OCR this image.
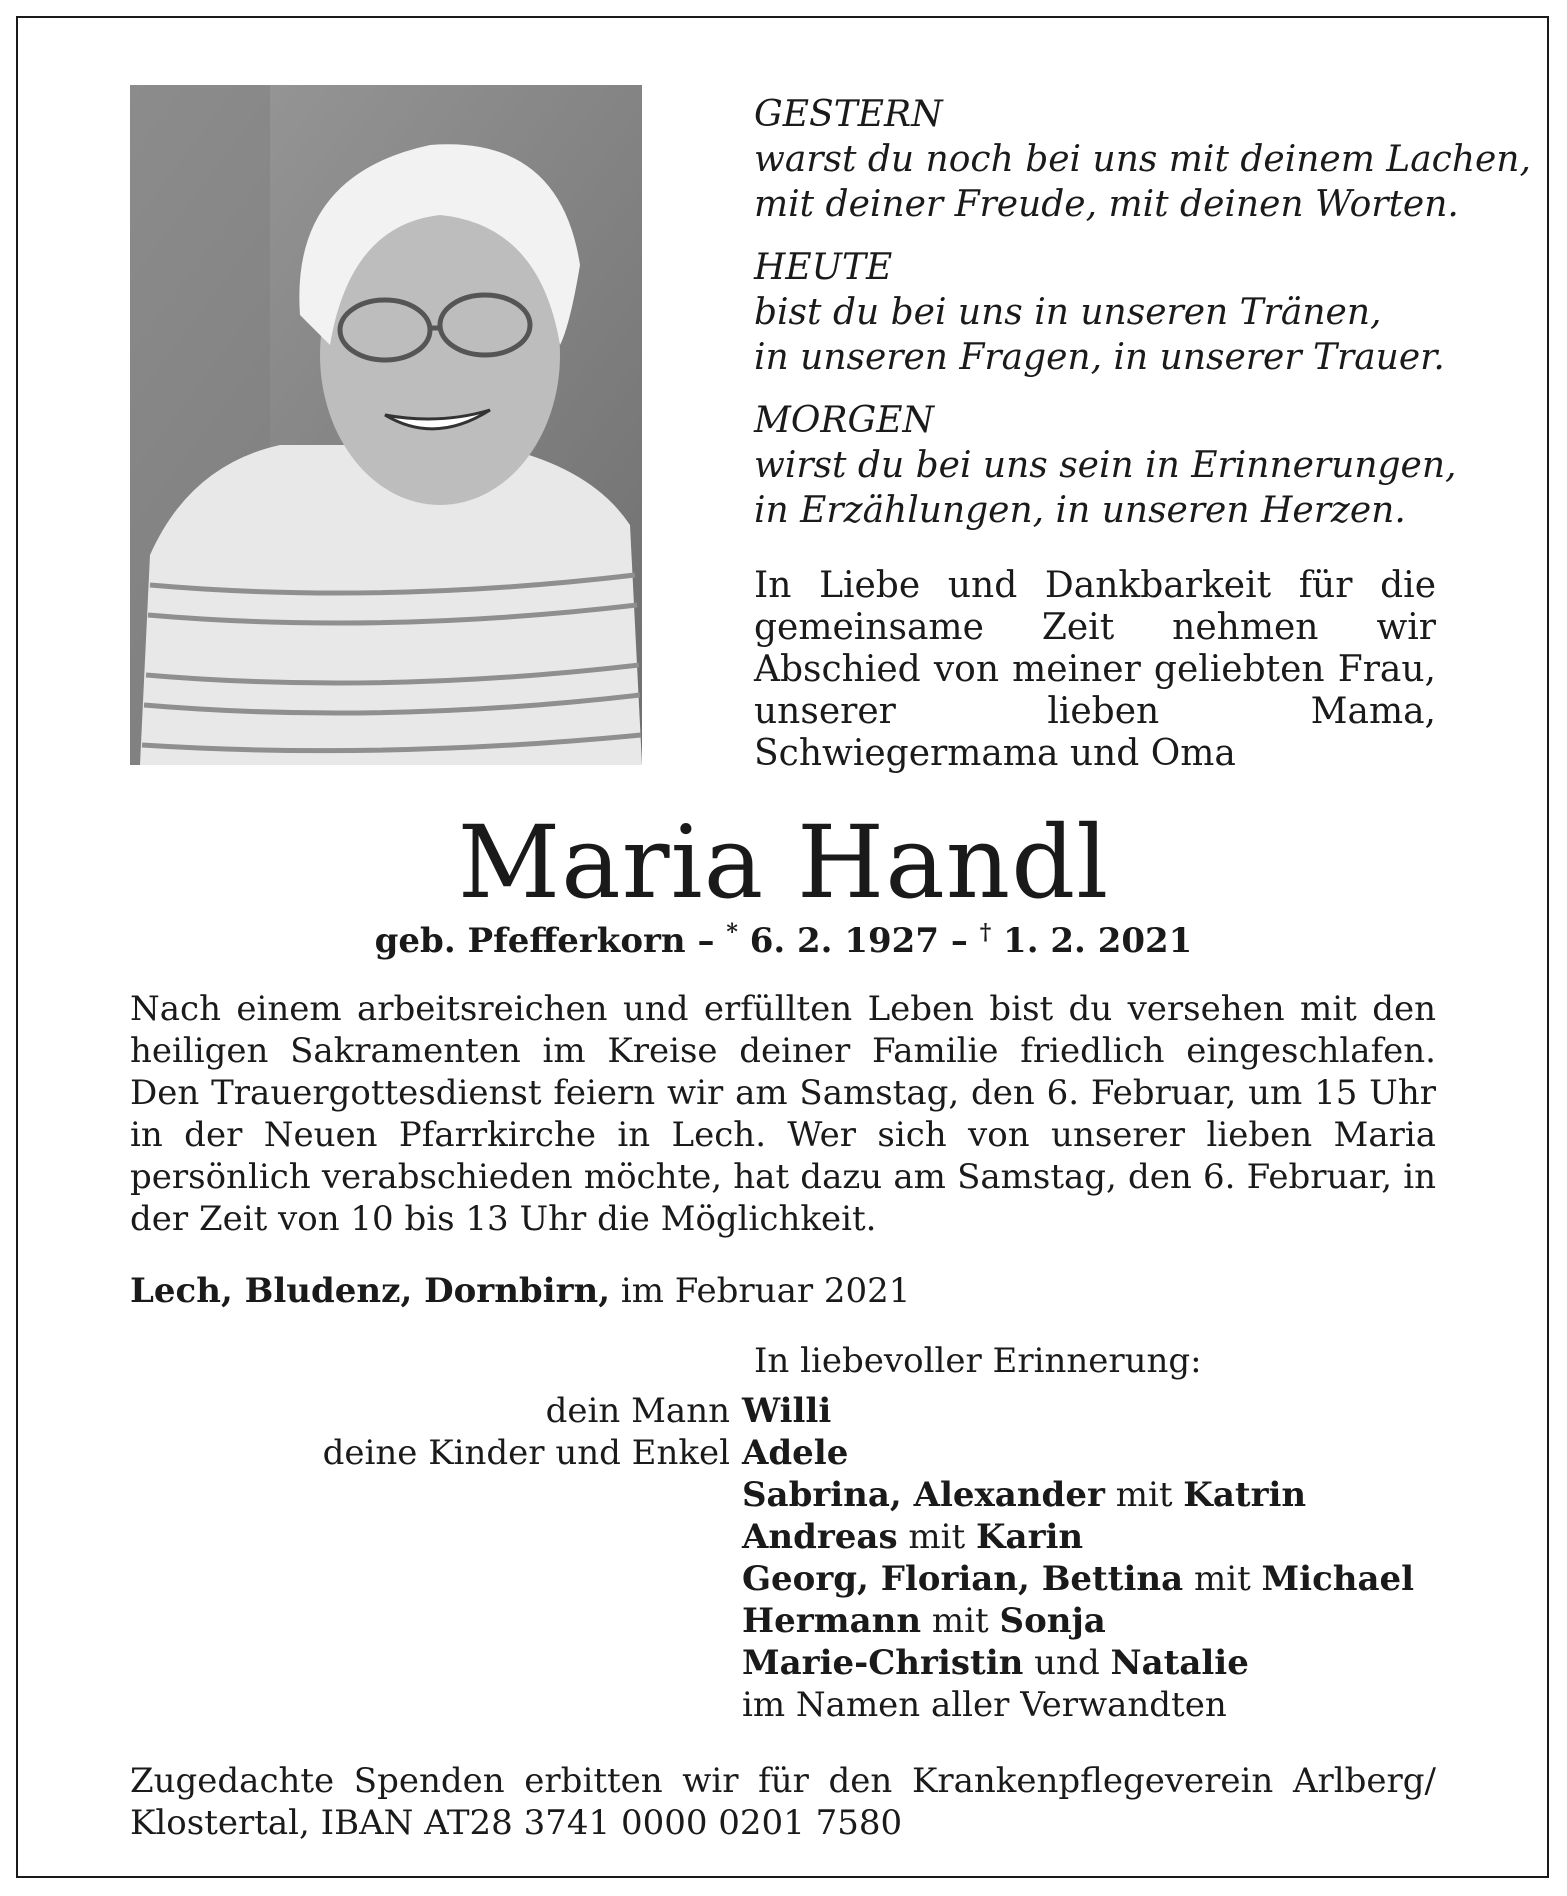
GESTERN
warst du noch bei uns mit deinem Lachen,
mit deiner Freude, mit deinen Worten.
HEUTE
bist du bei uns in unseren Tränen,
in unseren Fragen, in unserer Trauer.
MORGEN
wirst du bei uns sein in Erinnerungen,
in Erzählungen, in unseren Herzen.
In Liebe und Dankbarkeit für die gemeinsame Zeit nehmen wir Abschied von meiner geliebten Frau, unserer lieben Mama, Schwiegermama und Oma
Maria Handl
geb. Pfefferkorn – * 6. 2. 1927 – † 1. 2. 2021
Nach einem arbeitsreichen und erfüllten Leben bist du versehen mit den heiligen Sakramenten im Kreise deiner Familie friedlich eingeschlafen. Den Trauergottesdienst feiern wir am Samstag, den 6. Februar, um 15 Uhr in der Neuen Pfarrkirche in Lech. Wer sich von unserer lieben Maria persönlich verabschieden möchte, hat dazu am Samstag, den 6. Februar, in der Zeit von 10 bis 13 Uhr die Möglichkeit.
Lech, Bludenz, Dornbirn, im Februar 2021
In liebevoller Erinnerung:
dein Mann Willi
deine Kinder und Enkel Adele
Sabrina, Alexander mit Katrin
Andreas mit Karin
Georg, Florian, Bettina mit Michael
Hermann mit Sonja
Marie-Christin und Natalie
im Namen aller Verwandten
Zugedachte Spenden erbitten wir für den Krankenpflegeverein Arlberg/ Klostertal, IBAN AT28 3741 0000 0201 7580
